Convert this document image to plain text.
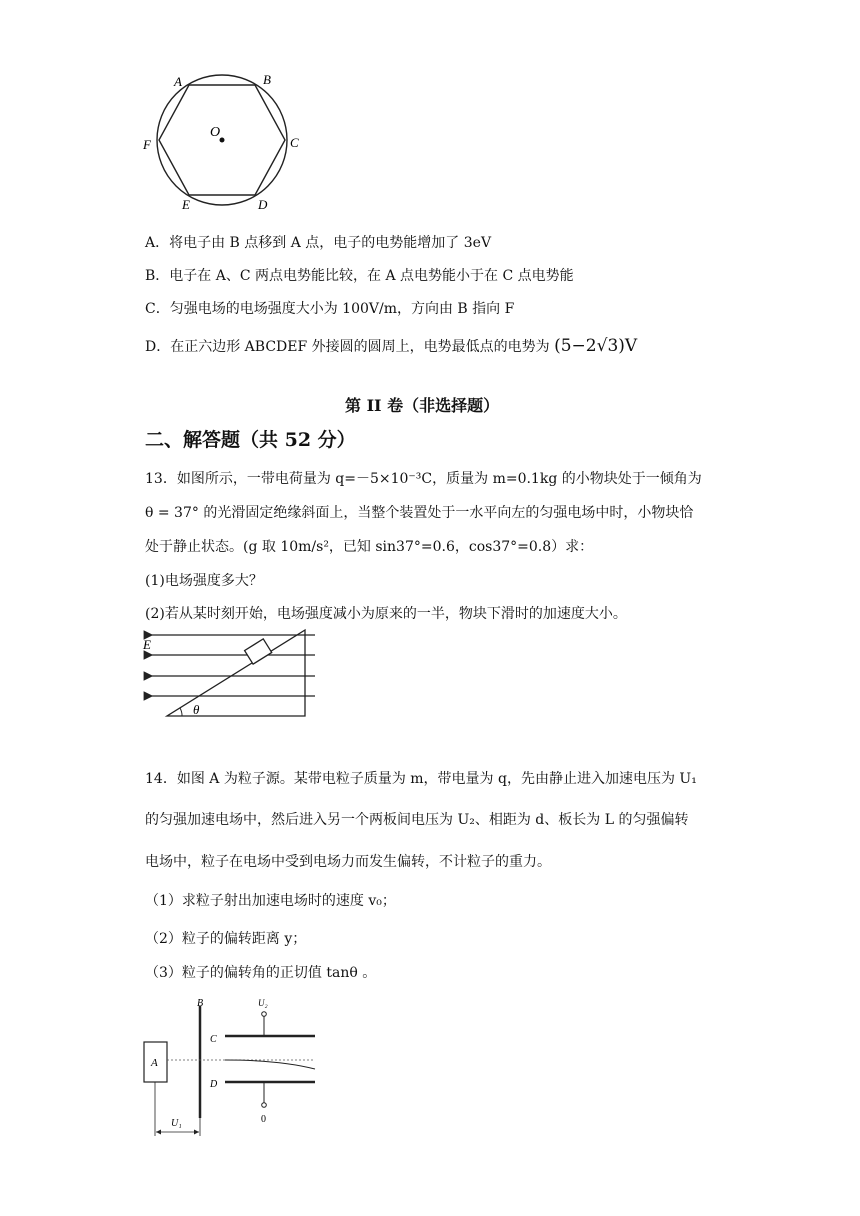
O
A	B
C
D
E
F
A．将电子由 B 点移到 A 点，电子的电势能增加了 3eV
B．电子在 A、C 两点电势能比较，在 A 点电势能小于在 C 点电势能
C．匀强电场的电场强度大小为 100V/m，方向由 B 指向 F
D．在正六边形 ABCDEF 外接圆的圆周上，电势最低点的电势为 (5−2√3)V
第 II 卷（非选择题）
二、解答题（共 52 分）
13．如图所示，一带电荷量为 q=－5×10⁻³C，质量为 m=0.1kg 的小物块处于一倾角为
θ = 37° 的光滑固定绝缘斜面上，当整个装置处于一水平向左的匀强电场中时，小物块恰
处于静止状态。(g 取 10m/s²，已知 sin37°=0.6，cos37°=0.8）求：
(1)电场强度多大？
(2)若从某时刻开始，电场强度减小为原来的一半，物块下滑时的加速度大小。
E
θ
14．如图 A 为粒子源。某带电粒子质量为 m，带电量为 q，先由静止进入加速电压为 U₁
的匀强加速电场中，然后进入另一个两板间电压为 U₂、相距为 d、板长为 L 的匀强偏转
电场中，粒子在电场中受到电场力而发生偏转，不计粒子的重力。
（1）求粒子射出加速电场时的速度 v₀；
（2）粒子的偏转距离 y；
（3）粒子的偏转角的正切值 tanθ 。
A
B
C
D
U₂
0
U₁
